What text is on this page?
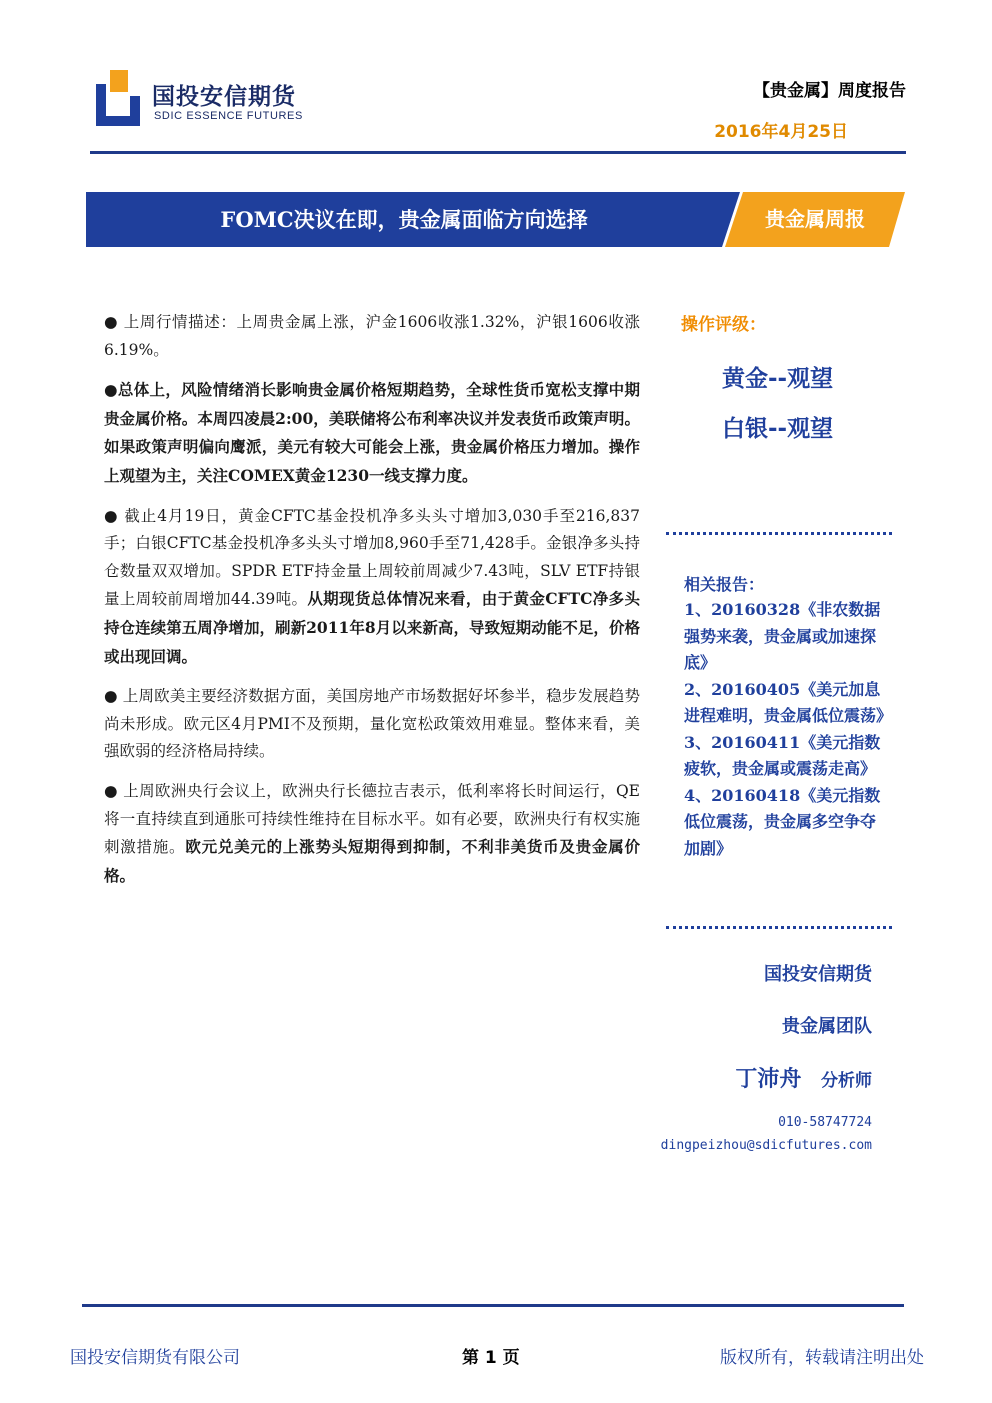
国投安信期货
SDIC ESSENCE FUTURES
【贵金属】周度报告
2016年4月25日
FOMC决议在即，贵金属面临方向选择	贵金属周报

● 上周行情描述：上周贵金属上涨，沪金1606收涨1.32%，沪银1606收涨6.19%。

●总体上，风险情绪消长影响贵金属价格短期趋势，全球性货币宽松支撑中期贵金属价格。本周四凌晨2:00，美联储将公布利率决议并发表货币政策声明。如果政策声明偏向鹰派，美元有较大可能会上涨，贵金属价格压力增加。操作上观望为主，关注COMEX黄金1230一线支撑力度。

● 截止4月19日，黄金CFTC基金投机净多头头寸增加3,030手至216,837手；白银CFTC基金投机净多头头寸增加8,960手至71,428手。金银净多头持仓数量双双增加。SPDR ETF持金量上周较前周减少7.43吨，SLV ETF持银量上周较前周增加44.39吨。从期现货总体情况来看，由于黄金CFTC净多头持仓连续第五周净增加，刷新2011年8月以来新高，导致短期动能不足，价格或出现回调。

● 上周欧美主要经济数据方面，美国房地产市场数据好坏参半，稳步发展趋势尚未形成。欧元区4月PMI不及预期，量化宽松政策效用难显。整体来看，美强欧弱的经济格局持续。

● 上周欧洲央行会议上，欧洲央行长德拉吉表示，低利率将长时间运行，QE将一直持续直到通胀可持续性维持在目标水平。如有必要，欧洲央行有权实施刺激措施。欧元兑美元的上涨势头短期得到抑制，不利非美货币及贵金属价格。

操作评级：
黄金--观望
白银--观望
相关报告：
1、20160328《非农数据强势来袭，贵金属或加速探底》
2、20160405《美元加息进程难明，贵金属低位震荡》
3、20160411《美元指数疲软，贵金属或震荡走高》
4、20160418《美元指数低位震荡，贵金属多空争夺加剧》
国投安信期货
贵金属团队
丁沛舟 分析师
010-58747724
dingpeizhou@sdicfutures.com
国投安信期货有限公司	第 1 页	版权所有，转载请注明出处
